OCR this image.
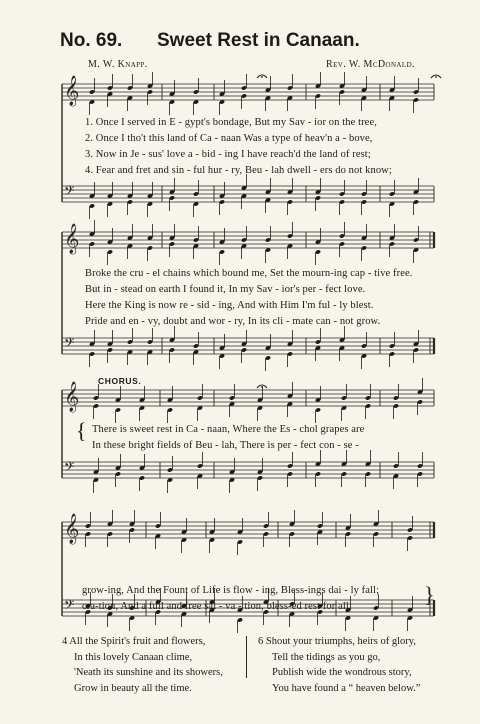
No. 69. Sweet Rest in Canaan.
M. W. Knapp.	Rev. W. McDonald.
𝄞
𝄢
𝄞
𝄢
𝄞
𝄢
𝄞
𝄢
1. Once I served in E - gypt's bondage, But my Sav - ior on the tree,
2. Once I tho't this land of Ca - naan Was a type of heav'n a - bove,
3. Now in Je - sus' love a - bid - ing I have reach'd the land of rest;
4. Fear and fret and sin - ful hur - ry, Beu - lah dwell - ers do not know;
Broke the cru - el chains which bound me, Set the mourn-ing cap - tive free.
But in - stead on earth I found it, In my Sav - ior's per - fect love.
Here the King is now re - sid - ing, And with Him I'm ful - ly blest.
Pride and en - vy, doubt and wor - ry, In its cli - mate can - not grow.
CHORUS.
{ There is sweet rest in Ca - naan, Where the Es - chol grapes are
In these bright fields of Beu - lah, There is per - fect con - se -
grow-ing, And the Fount of Life is flow - ing, Bless-ings dai - ly fall;
cra-tion, And a full and free sal - va - tion, bless-ed rest for all.	}
4 All the Spirit's fruit and flowers,
In this lovely Canaan clime,
'Neath its sunshine and its showers,
Grow in beauty all the time.
6 Shout your triumphs, heirs of glory,
Tell the tidings as you go,
Publish wide the wondrous story,
You have found a “ heaven below.”
